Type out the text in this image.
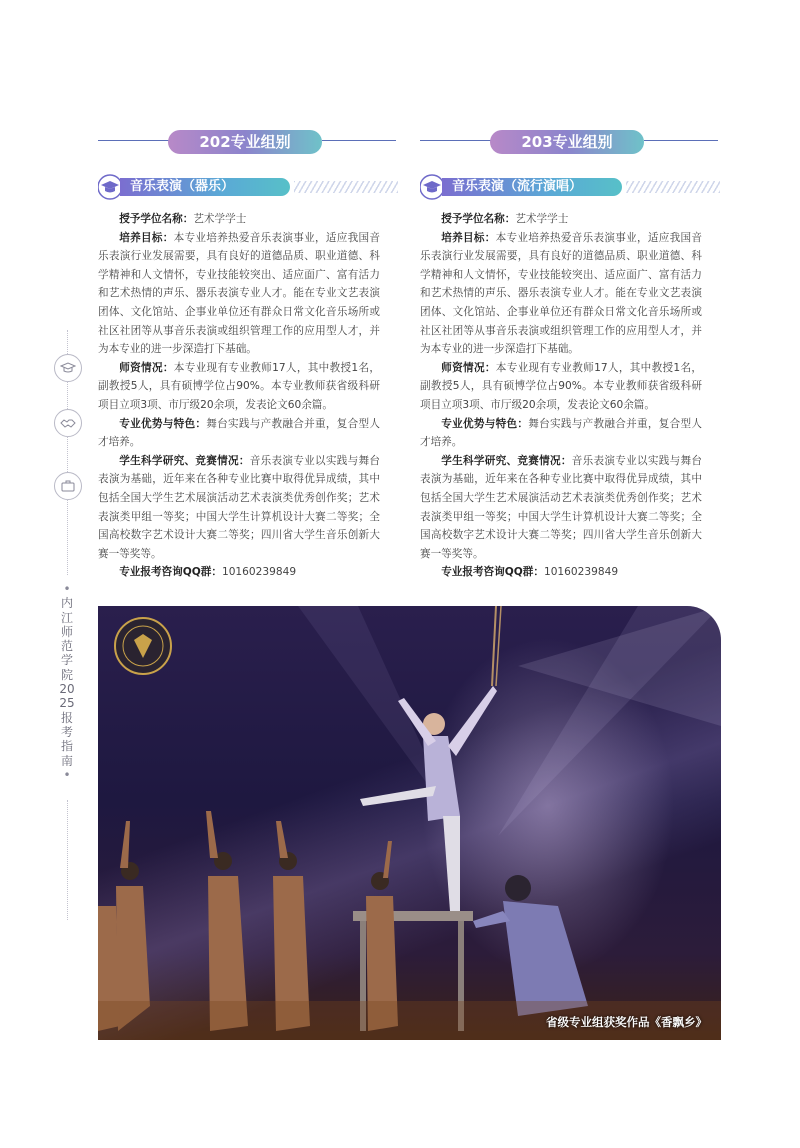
202专业组别	203专业组别
音乐表演（器乐）	音乐表演（流行演唱）

授予学位名称：艺术学学士

培养目标：本专业培养热爱音乐表演事业，适应我国音乐表演行业发展需要，具有良好的道德品质、职业道德、科学精神和人文情怀，专业技能较突出、适应面广、富有活力和艺术热情的声乐、器乐表演专业人才。能在专业文艺表演团体、文化馆站、企事业单位还有群众日常文化音乐场所或社区社团等从事音乐表演或组织管理工作的应用型人才，并为本专业的进一步深造打下基础。

师资情况：本专业现有专业教师17人，其中教授1名，副教授5人，具有硕博学位占90%。本专业教师获省级科研项目立项3项、市厅级20余项，发表论文60余篇。

专业优势与特色：舞台实践与产教融合并重，复合型人才培养。

学生科学研究、竞赛情况：音乐表演专业以实践与舞台表演为基础，近年来在各种专业比赛中取得优异成绩，其中包括全国大学生艺术展演活动艺术表演类优秀创作奖；艺术表演类甲组一等奖；中国大学生计算机设计大赛二等奖；全国高校数字艺术设计大赛二等奖；四川省大学生音乐创新大赛一等奖等。

专业报考咨询QQ群：1016023​9849

授予学位名称：艺术学学士

培养目标：本专业培养热爱音乐表演事业，适应我国音乐表演行业发展需要，具有良好的道德品质、职业道德、科学精神和人文情怀，专业技能较突出、适应面广、富有活力和艺术热情的声乐、器乐表演专业人才。能在专业文艺表演团体、文化馆站、企事业单位还有群众日常文化音乐场所或社区社团等从事音乐表演或组织管理工作的应用型人才，并为本专业的进一步深造打下基础。

师资情况：本专业现有专业教师17人，其中教授1名，副教授5人，具有硕博学位占90%。本专业教师获省级科研项目立项3项、市厅级20余项，发表论文60余篇。

专业优势与特色：舞台实践与产教融合并重，复合型人才培养。

学生科学研究、竞赛情况：音乐表演专业以实践与舞台表演为基础，近年来在各种专业比赛中取得优异成绩，其中包括全国大学生艺术展演活动艺术表演类优秀创作奖；艺术表演类甲组一等奖；中国大学生计算机设计大赛二等奖；全国高校数字艺术设计大赛二等奖；四川省大学生音乐创新大赛一等奖等。

专业报考咨询QQ群：1016023​9849

•
内江师范学院2025报考指南
•
省级专业组获奖作品《香飘乡》
